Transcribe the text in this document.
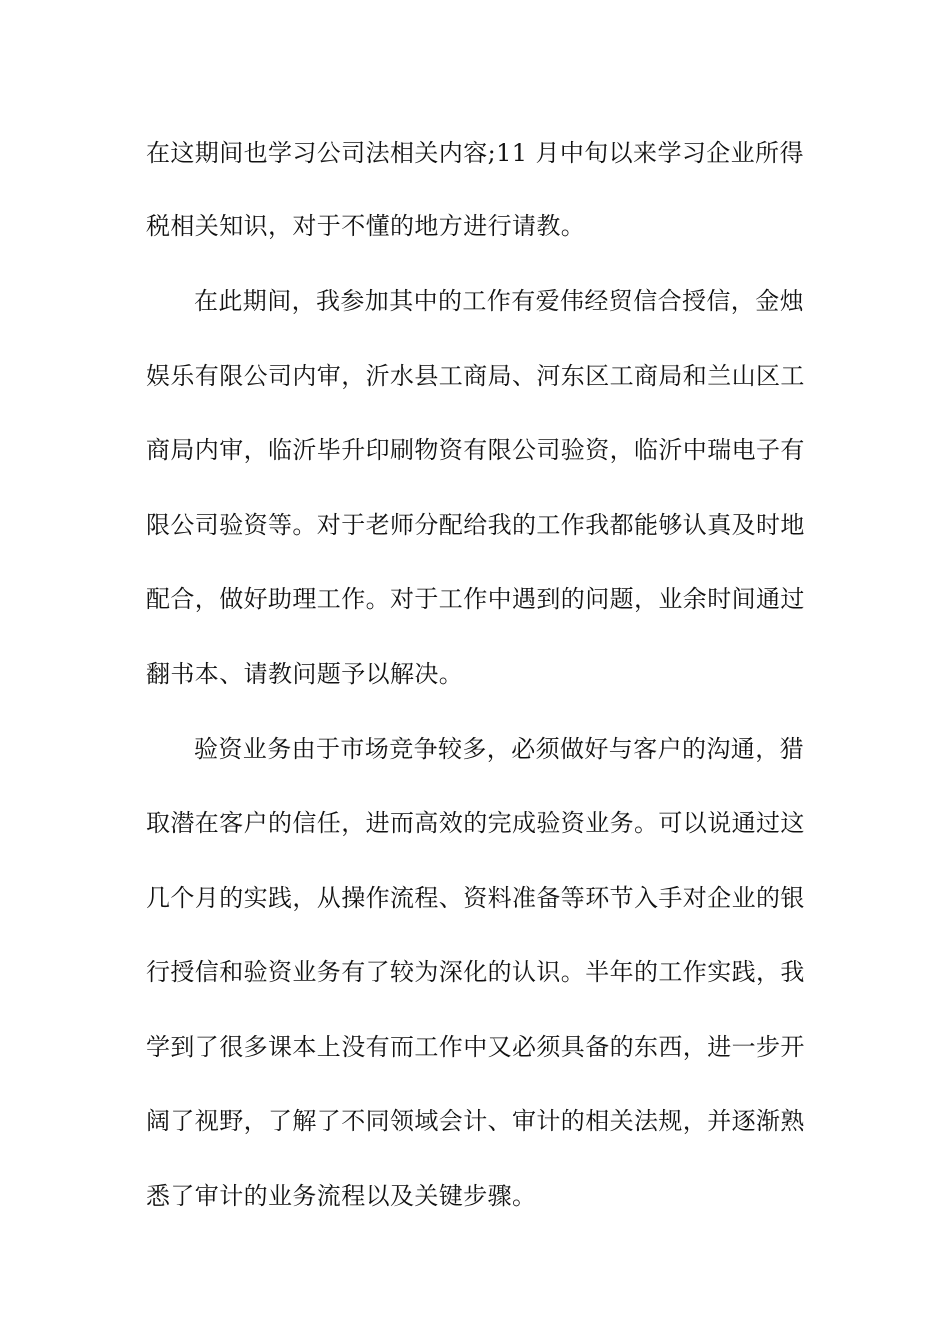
在这期间也学习公司法相关内容;11 月中旬以来学习企业所得
税相关知识，对于不懂的地方进行请教。
在此期间，我参加其中的工作有爱伟经贸信合授信，金烛
娱乐有限公司内审，沂水县工商局、河东区工商局和兰山区工
商局内审，临沂毕升印刷物资有限公司验资，临沂中瑞电子有
限公司验资等。对于老师分配给我的工作我都能够认真及时地
配合，做好助理工作。对于工作中遇到的问题，业余时间通过
翻书本、请教问题予以解决。
验资业务由于市场竞争较多，必须做好与客户的沟通，猎
取潜在客户的信任，进而高效的完成验资业务。可以说通过这
几个月的实践，从操作流程、资料准备等环节入手对企业的银
行授信和验资业务有了较为深化的认识。半年的工作实践，我
学到了很多课本上没有而工作中又必须具备的东西，进一步开
阔了视野，了解了不同领域会计、审计的相关法规，并逐渐熟
悉了审计的业务流程以及关键步骤。
